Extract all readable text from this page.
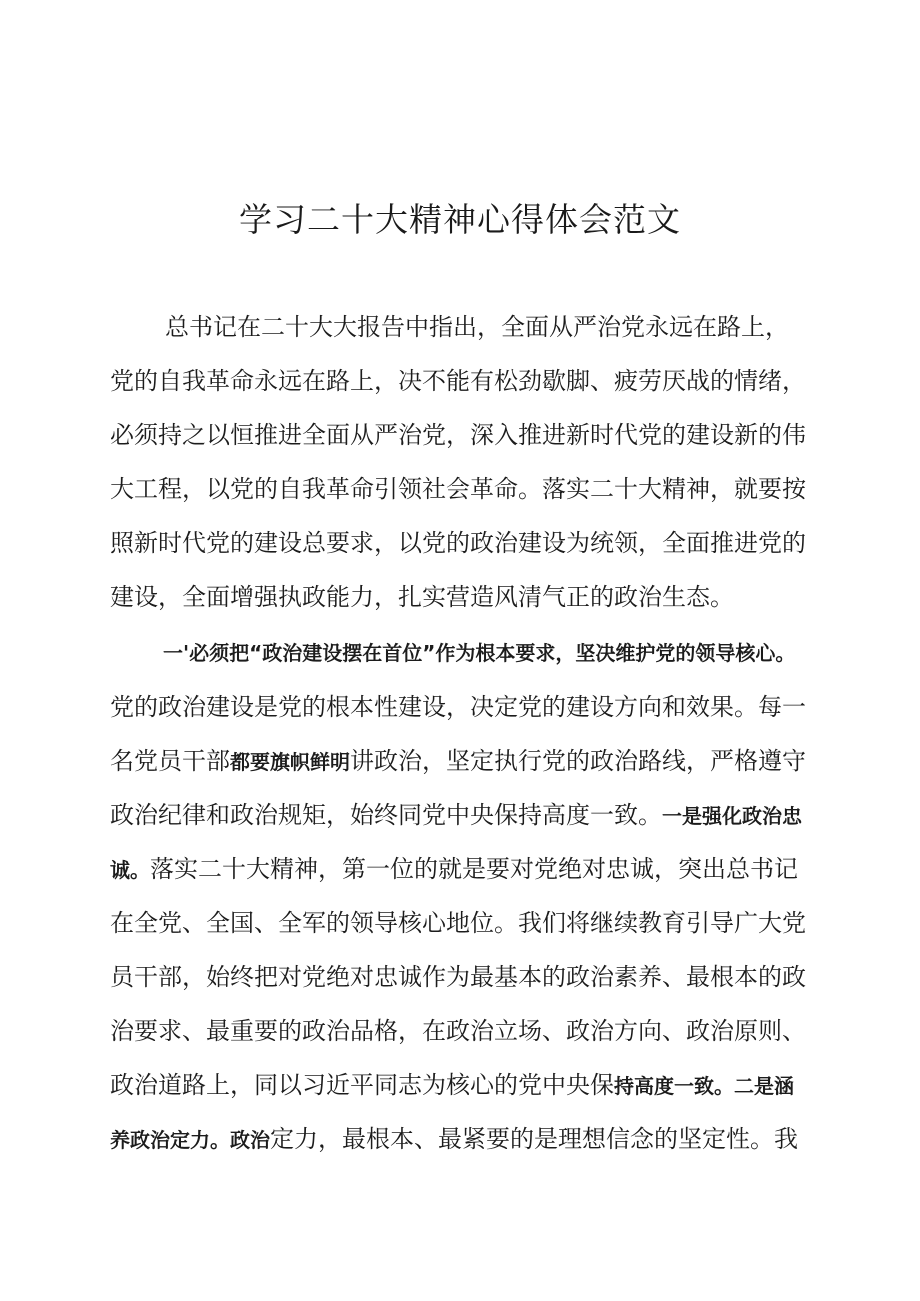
学习二十大精神心得体会范文
总书记在二十大大报告中指出，全面从严治党永远在路上，
党的自我革命永远在路上，决不能有松劲歇脚、疲劳厌战的情绪，
必须持之以恒推进全面从严治党，深入推进新时代党的建设新的伟
大工程，以党的自我革命引领社会革命。落实二十大精神，就要按
照新时代党的建设总要求，以党的政治建设为统领，全面推进党的
建设，全面增强执政能力，扎实营造风清气正的政治生态。
一'必须把“政治建设摆在首位”作为根本要求，坚决维护党的领导核心。
党的政治建设是党的根本性建设，决定党的建设方向和效果。每一
名党员干部都要旗帜鲜明讲政治，坚定执行党的政治路线，严格遵守
政治纪律和政治规矩，始终同党中央保持高度一致。一是强化政治忠
诚。落实二十大精神，第一位的就是要对党绝对忠诚，突出总书记
在全党、全国、全军的领导核心地位。我们将继续教育引导广大党
员干部，始终把对党绝对忠诚作为最基本的政治素养、最根本的政
治要求、最重要的政治品格，在政治立场、政治方向、政治原则、
政治道路上，同以习近平同志为核心的党中央保持高度一致。二是涵
养政治定力。政治定力，最根本、最紧要的是理想信念的坚定性。我
